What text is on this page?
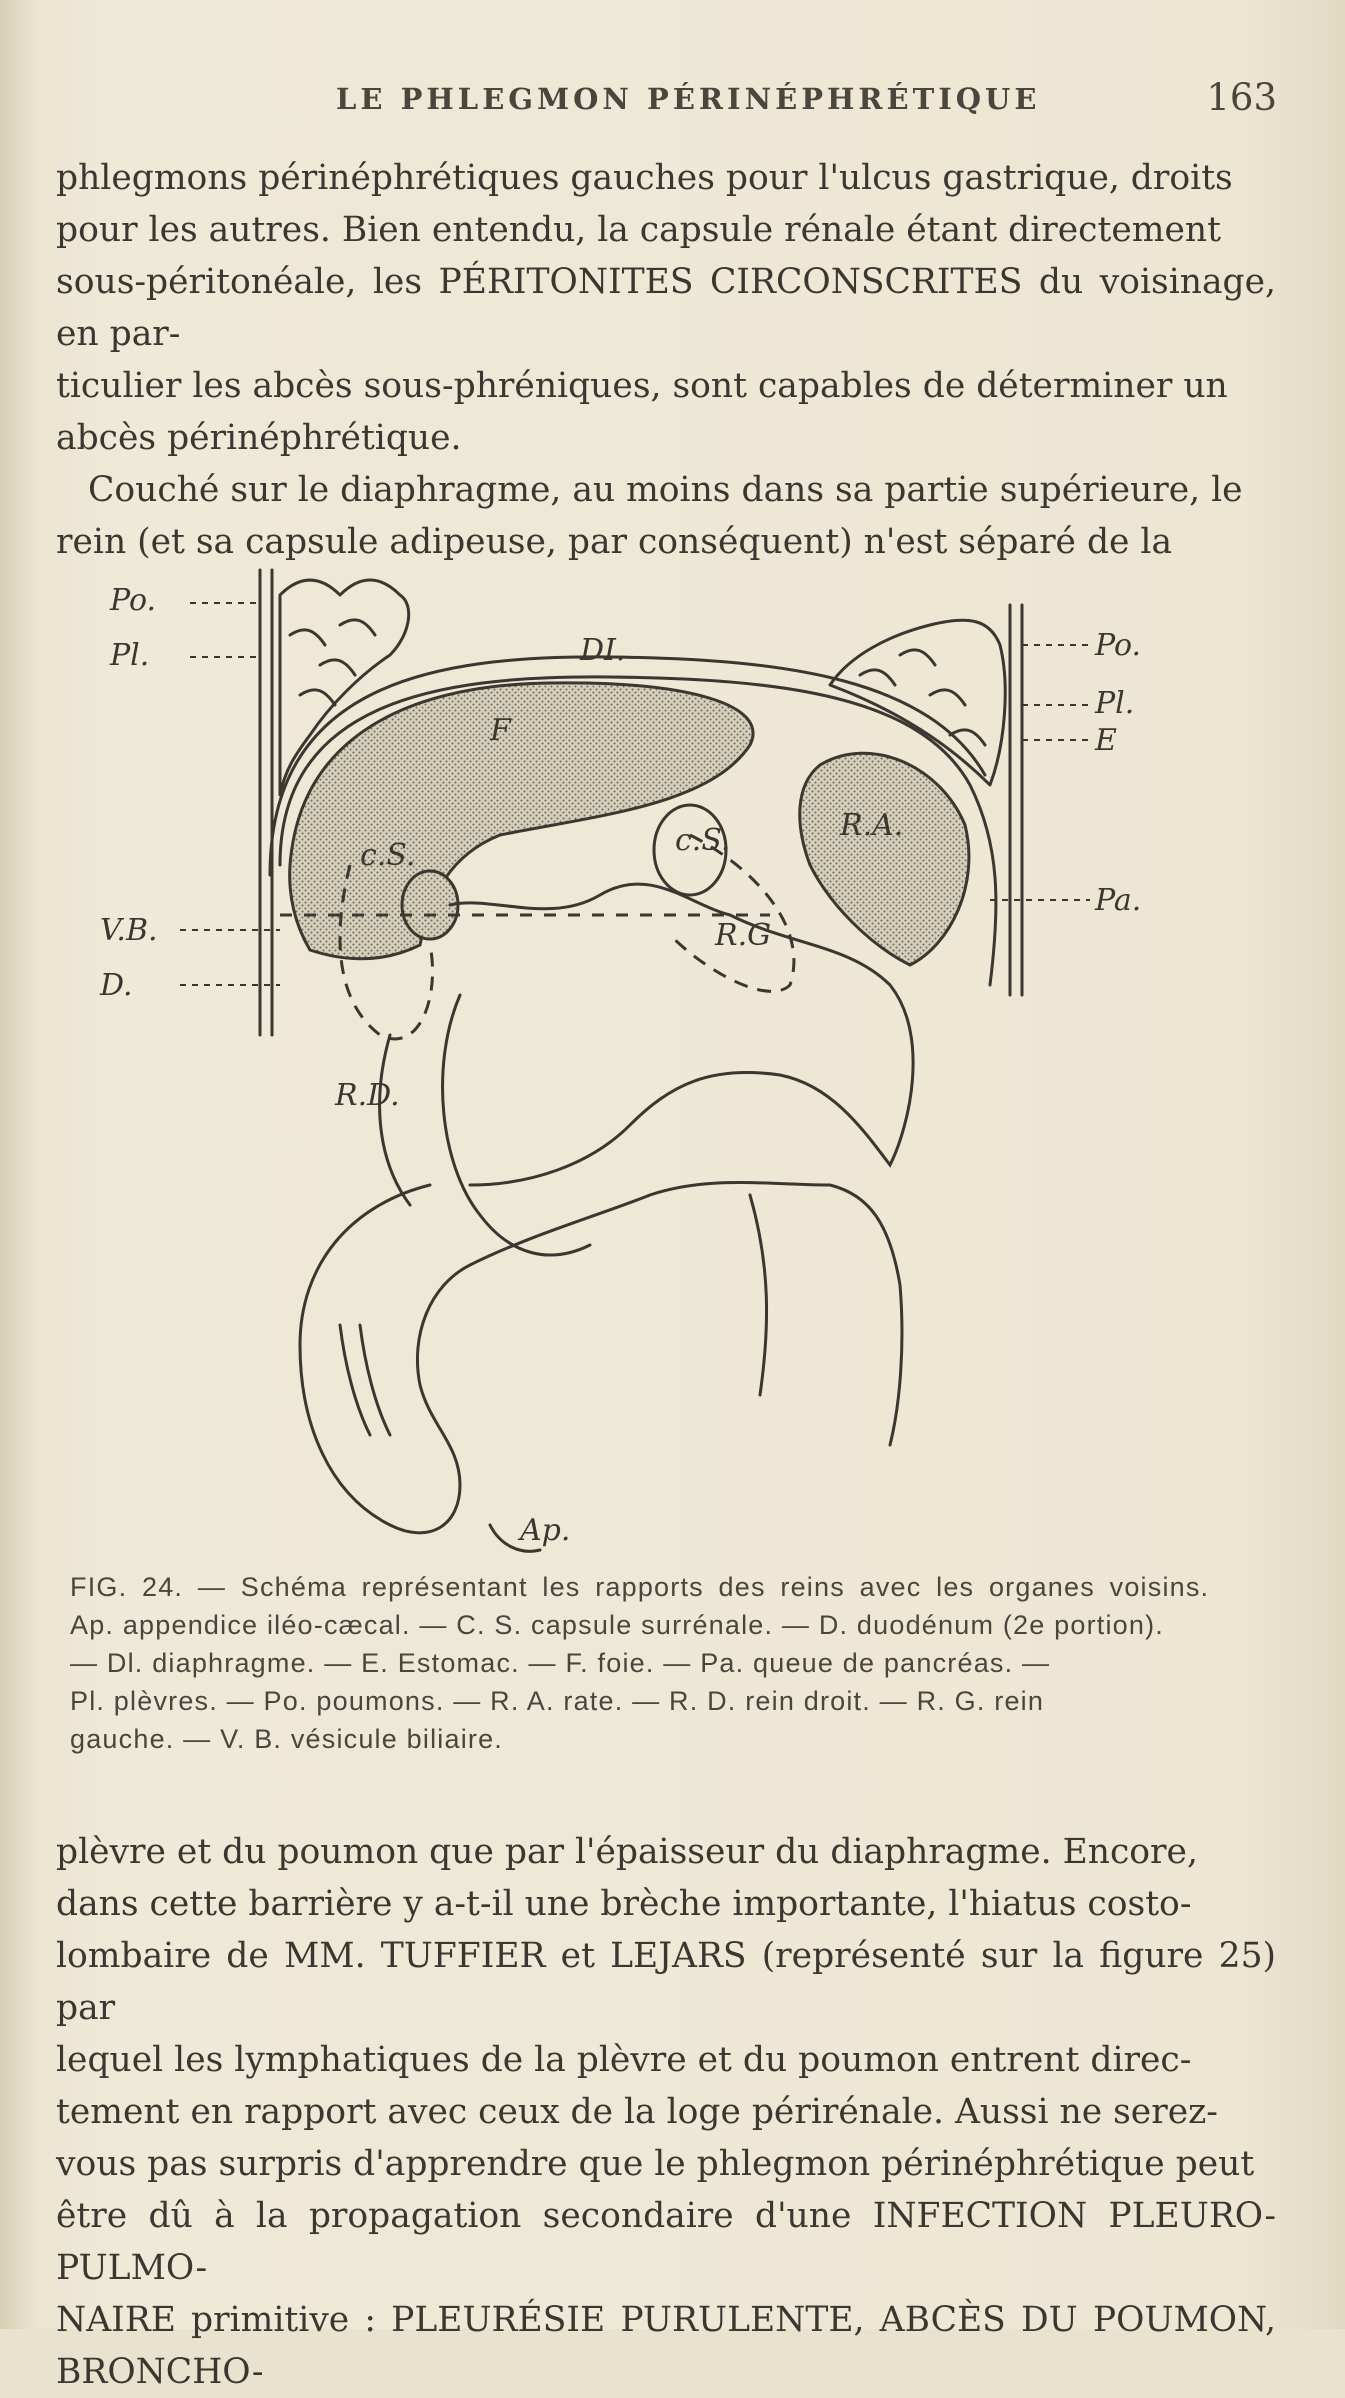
LE PHLEGMON PÉRINÉPHRÉTIQUE	163

phlegmons périnéphrétiques gauches pour l'ulcus gastrique, droits

pour les autres. Bien entendu, la capsule rénale étant directement

sous-péritonéale, les PÉRITONITES CIRCONSCRITES du voisinage, en par-

ticulier les abcès sous-phréniques, sont capables de déterminer un

abcès périnéphrétique.

Couché sur le diaphragme, au moins dans sa partie supérieure, le

rein (et sa capsule adipeuse, par conséquent) n'est séparé de la

Po.
Pl.
V.B.
D.
DI.
F
c.S.	c.S.	R.A.
R.G
R.D.
Po.
Pl.
E
Pa.
Ap.
FIG. 24. — Schéma représentant les rapports des reins avec les organes voisins.
Ap. appendice iléo-cæcal. — C. S. capsule surrénale. — D. duodénum (2e portion).
— Dl. diaphragme. — E. Estomac. — F. foie. — Pa. queue de pancréas. —
Pl. plèvres. — Po. poumons. — R. A. rate. — R. D. rein droit. — R. G. rein
gauche. — V. B. vésicule biliaire.

plèvre et du poumon que par l'épaisseur du diaphragme. Encore,

dans cette barrière y a-t-il une brèche importante, l'hiatus costo-

lombaire de MM. TUFFIER et LEJARS (représenté sur la figure 25) par

lequel les lymphatiques de la plèvre et du poumon entrent direc-

tement en rapport avec ceux de la loge périrénale. Aussi ne serez-

vous pas surpris d'apprendre que le phlegmon périnéphrétique peut

être dû à la propagation secondaire d'une INFECTION PLEURO-PULMO-

NAIRE primitive : PLEURÉSIE PURULENTE, ABCÈS DU POUMON, BRONCHO-
